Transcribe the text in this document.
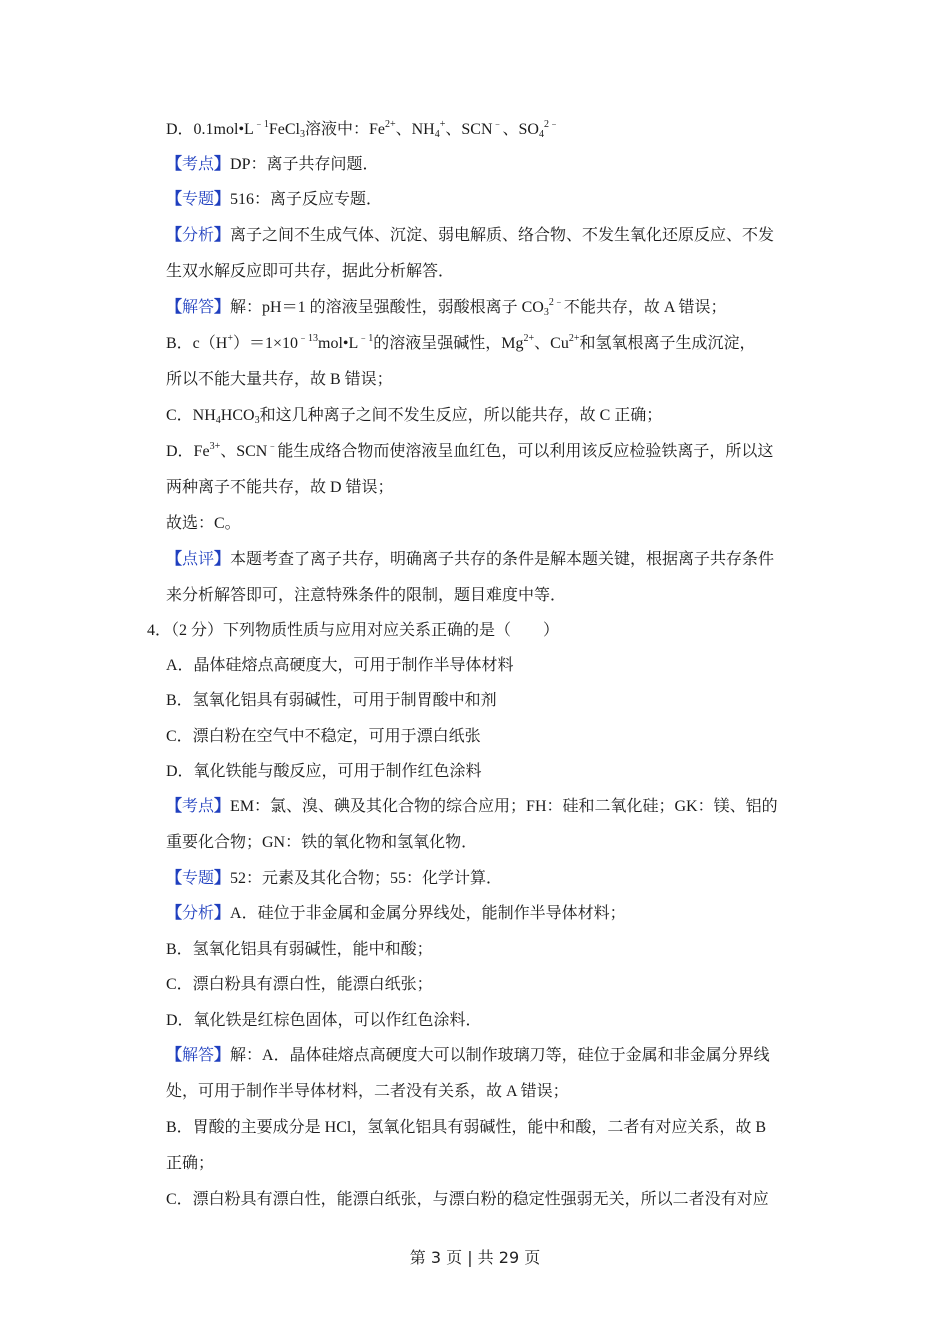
D．$0.1mol•L^{﹣1}FeCl_3$溶液中：$Fe^{2+}$、$NH_4^+$、SCN﹣、$SO_4^{2﹣}$
【考点】DP：离子共存问题．
【专题】516：离子反应专题．
【分析】离子之间不生成气体、沉淀、弱电解质、络合物、不发生氧化还原反应、不发
生双水解反应即可共存，据此分析解答．
【解答】解：pH＝1 的溶液呈强酸性，弱酸根离子 $CO_3^{2﹣}$不能共存，故 A 错误；
B．$c(H^+)=1\times 10^{﹣13}mol•L^{﹣1}$的溶液呈强碱性，$Mg^{2+}$、$Cu^{2+}$和氢氧根离子生成沉淀，
所以不能大量共存，故 B 错误；
C．$NH_4HCO_3$和这几种离子之间不发生反应，所以能共存，故 C 正确；
D．$Fe^{3+}$、SCN﹣能生成络合物而使溶液呈血红色，可以利用该反应检验铁离子，所以这
两种离子不能共存，故 D 错误；
故选：C。
【点评】本题考查了离子共存，明确离子共存的条件是解本题关键，根据离子共存条件
来分析解答即可，注意特殊条件的限制，题目难度中等．
4．（2 分）下列物质性质与应用对应关系正确的是（　　）
A．晶体硅熔点高硬度大，可用于制作半导体材料
B．氢氧化铝具有弱碱性，可用于制胃酸中和剂
C．漂白粉在空气中不稳定，可用于漂白纸张
D．氧化铁能与酸反应，可用于制作红色涂料
【考点】EM：氯、溴、碘及其化合物的综合应用；FH：硅和二氧化硅；GK：镁、铝的
重要化合物；GN：铁的氧化物和氢氧化物．
【专题】52：元素及其化合物；55：化学计算．
【分析】A．硅位于非金属和金属分界线处，能制作半导体材料；
B．氢氧化铝具有弱碱性，能中和酸；
C．漂白粉具有漂白性，能漂白纸张；
D．氧化铁是红棕色固体，可以作红色涂料．
【解答】解：A．晶体硅熔点高硬度大可以制作玻璃刀等，硅位于金属和非金属分界线
处，可用于制作半导体材料，二者没有关系，故 A 错误；
B．胃酸的主要成分是 HCl，氢氧化铝具有弱碱性，能中和酸，二者有对应关系，故 B
正确；
C．漂白粉具有漂白性，能漂白纸张，与漂白粉的稳定性强弱无关，所以二者没有对应
第 3 页 | 共 29 页
